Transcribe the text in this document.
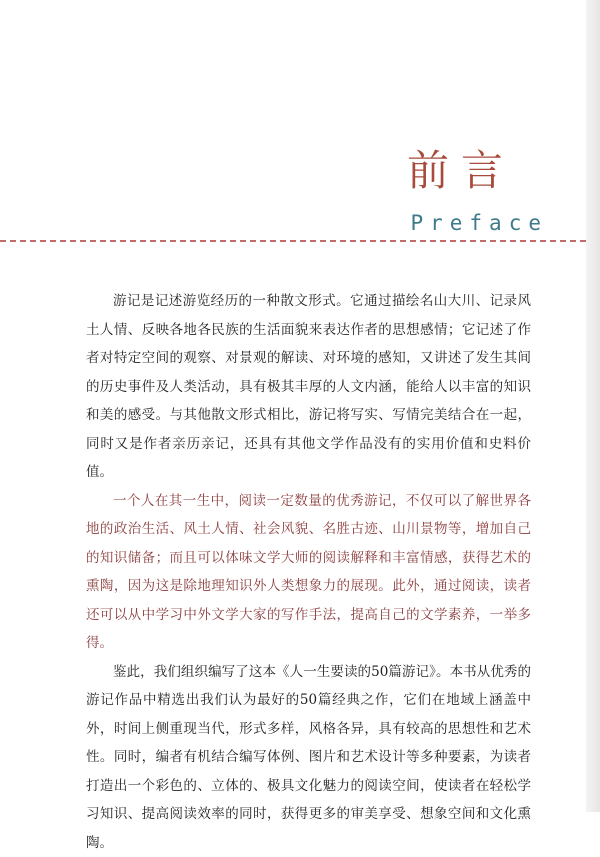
前言
Preface

游记是记述游览经历的一种散文形式。它通过描绘名山大川、记录风土人情、反映各地各民族的生活面貌来表达作者的思想感情；它记述了作者对特定空间的观察、对景观的解读、对环境的感知，又讲述了发生其间的历史事件及人类活动，具有极其丰厚的人文内涵，能给人以丰富的知识和美的感受。与其他散文形式相比，游记将写实、写情完美结合在一起，同时又是作者亲历亲记，还具有其他文学作品没有的实用价值和史料价值。

一个人在其一生中，阅读一定数量的优秀游记，不仅可以了解世界各地的政治生活、风土人情、社会风貌、名胜古迹、山川景物等，增加自己的知识储备；而且可以体味文学大师的阅读解释和丰富情感，获得艺术的熏陶，因为这是除地理知识外人类想象力的展现。此外，通过阅读，读者还可以从中学习中外文学大家的写作手法，提高自己的文学素养，一举多得。

鉴此，我们组织编写了这本《人一生要读的50篇游记》。本书从优秀的游记作品中精选出我们认为最好的50篇经典之作，它们在地域上涵盖中外，时间上侧重现当代，形式多样，风格各异，具有较高的思想性和艺术性。同时，编者有机结合编写体例、图片和艺术设计等多种要素，为读者打造出一个彩色的、立体的、极具文化魅力的阅读空间，使读者在轻松学习知识、提高阅读效率的同时，获得更多的审美享受、想象空间和文化熏陶。
